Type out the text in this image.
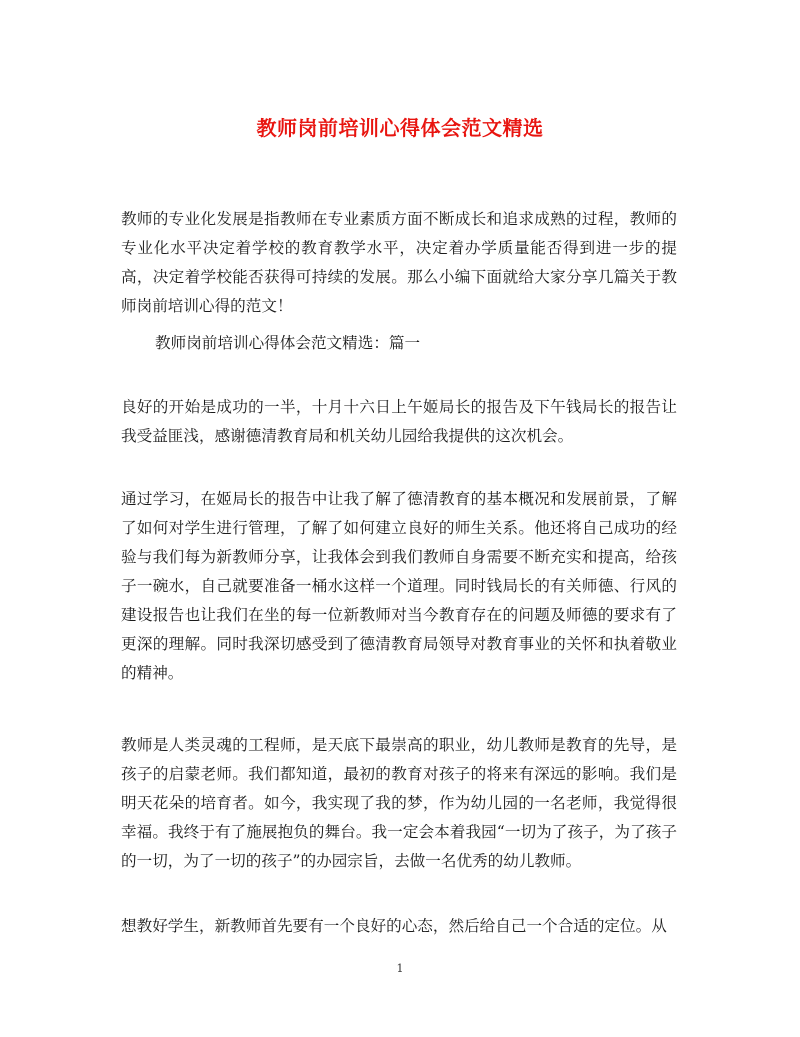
教师岗前培训心得体会范文精选
教师的专业化发展是指教师在专业素质方面不断成长和追求成熟的过程，教师的专业化水平决定着学校的教育教学水平，决定着办学质量能否得到进一步的提高，决定着学校能否获得可持续的发展。那么小编下面就给大家分享几篇关于教师岗前培训心得的范文！
教师岗前培训心得体会范文精选：篇一
良好的开始是成功的一半，十月十六日上午姬局长的报告及下午钱局长的报告让我受益匪浅，感谢德清教育局和机关幼儿园给我提供的这次机会。
通过学习，在姬局长的报告中让我了解了德清教育的基本概况和发展前景，了解了如何对学生进行管理，了解了如何建立良好的师生关系。他还将自己成功的经验与我们每为新教师分享，让我体会到我们教师自身需要不断充实和提高，给孩子一碗水，自己就要准备一桶水这样一个道理。同时钱局长的有关师德、行风的建设报告也让我们在坐的每一位新教师对当今教育存在的问题及师德的要求有了更深的理解。同时我深切感受到了德清教育局领导对教育事业的关怀和执着敬业的精神。
教师是人类灵魂的工程师，是天底下最崇高的职业，幼儿教师是教育的先导，是孩子的启蒙老师。我们都知道，最初的教育对孩子的将来有深远的影响。我们是明天花朵的培育者。如今，我实现了我的梦，作为幼儿园的一名老师，我觉得很幸福。我终于有了施展抱负的舞台。我一定会本着我园“一切为了孩子，为了孩子的一切，为了一切的孩子”的办园宗旨，去做一名优秀的幼儿教师。
想教好学生，新教师首先要有一个良好的心态，然后给自己一个合适的定位。从
1
